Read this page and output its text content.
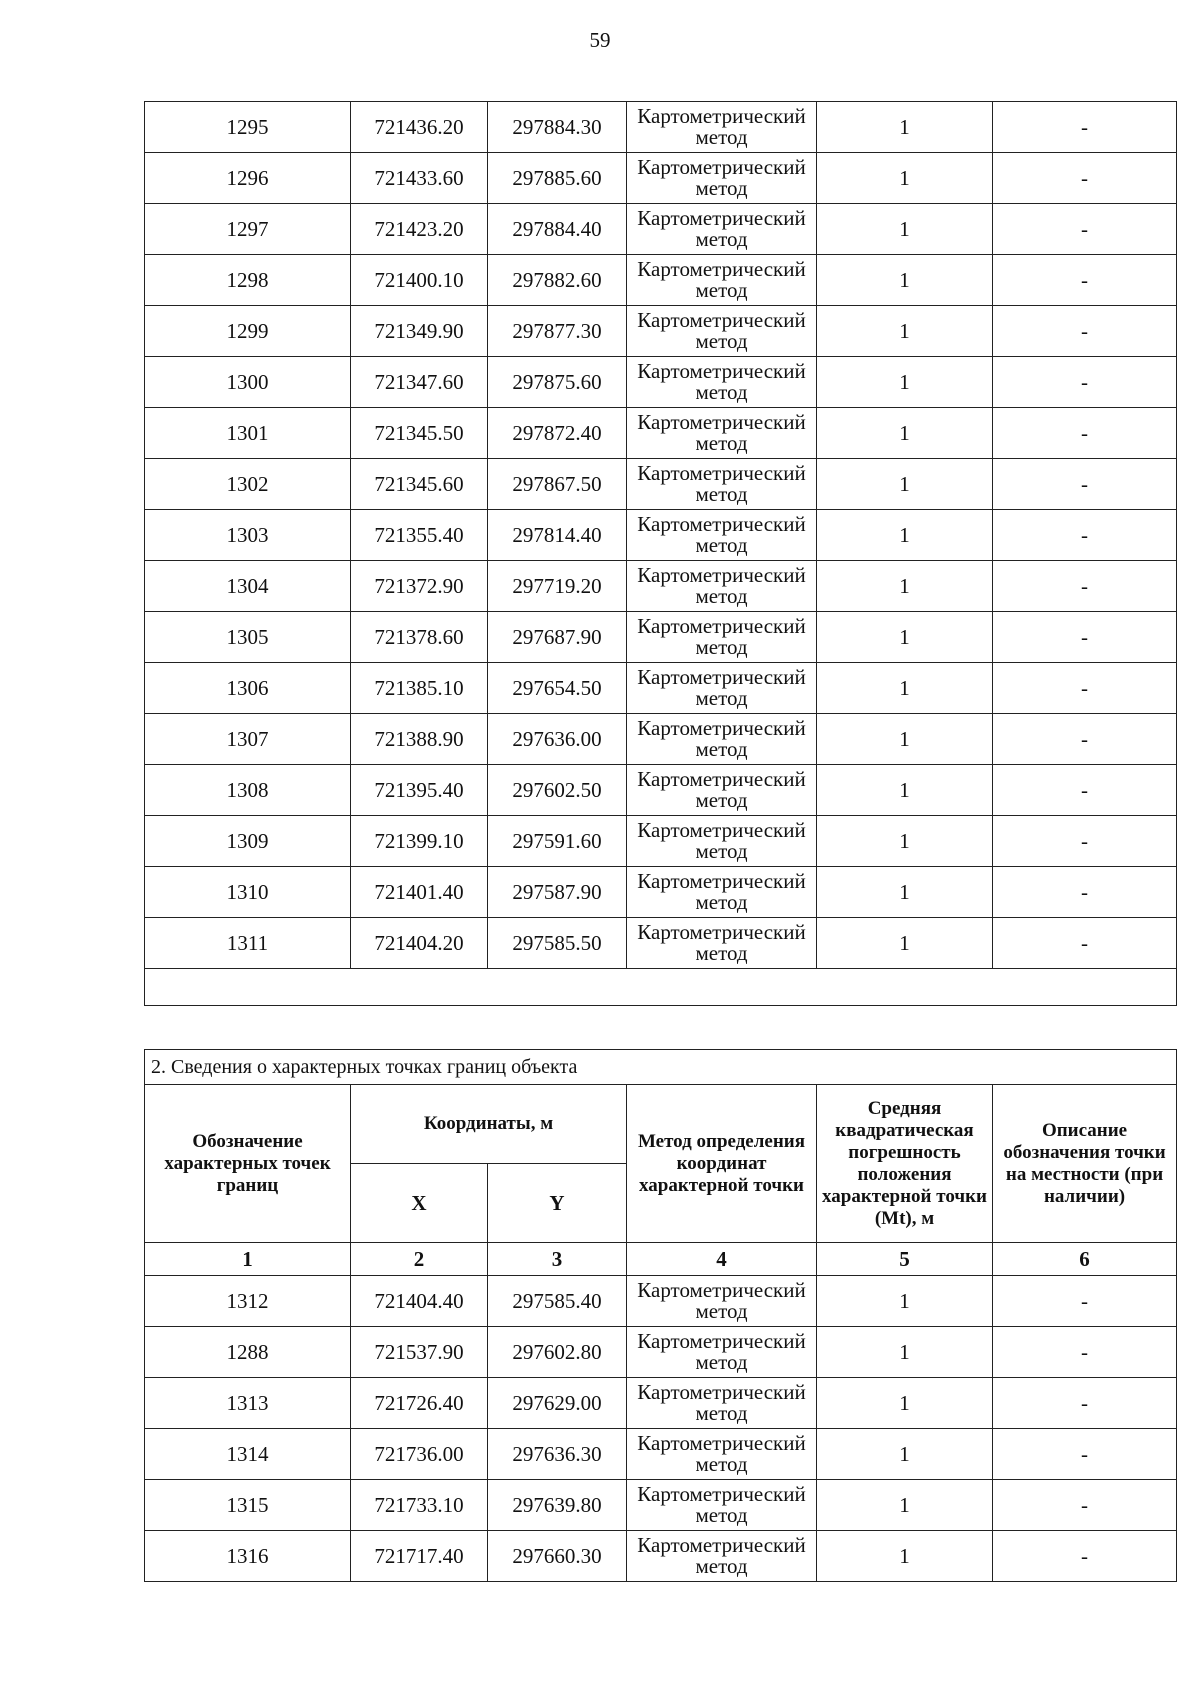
59
1295	721436.20	297884.30	Картометрический метод	1	-
1296	721433.60	297885.60	Картометрический метод	1	-
1297	721423.20	297884.40	Картометрический метод	1	-
1298	721400.10	297882.60	Картометрический метод	1	-
1299	721349.90	297877.30	Картометрический метод	1	-
1300	721347.60	297875.60	Картометрический метод	1	-
1301	721345.50	297872.40	Картометрический метод	1	-
1302	721345.60	297867.50	Картометрический метод	1	-
1303	721355.40	297814.40	Картометрический метод	1	-
1304	721372.90	297719.20	Картометрический метод	1	-
1305	721378.60	297687.90	Картометрический метод	1	-
1306	721385.10	297654.50	Картометрический метод	1	-
1307	721388.90	297636.00	Картометрический метод	1	-
1308	721395.40	297602.50	Картометрический метод	1	-
1309	721399.10	297591.60	Картометрический метод	1	-
1310	721401.40	297587.90	Картометрический метод	1	-
1311	721404.20	297585.50	Картометрический метод	1	-

2. Сведения о характерных точках границ объекта					
Обозначение характерных точек границ	Координаты, м		Метод определения координат характерной точки	Средняя квадратическая погрешность положения характерной точки (Mt), м	Описание обозначения точки на местности (при наличии)
	X	Y			
1	2	3	4	5	6
1312	721404.40	297585.40	Картометрический метод	1	-
1288	721537.90	297602.80	Картометрический метод	1	-
1313	721726.40	297629.00	Картометрический метод	1	-
1314	721736.00	297636.30	Картометрический метод	1	-
1315	721733.10	297639.80	Картометрический метод	1	-
1316	721717.40	297660.30	Картометрический метод	1	-
